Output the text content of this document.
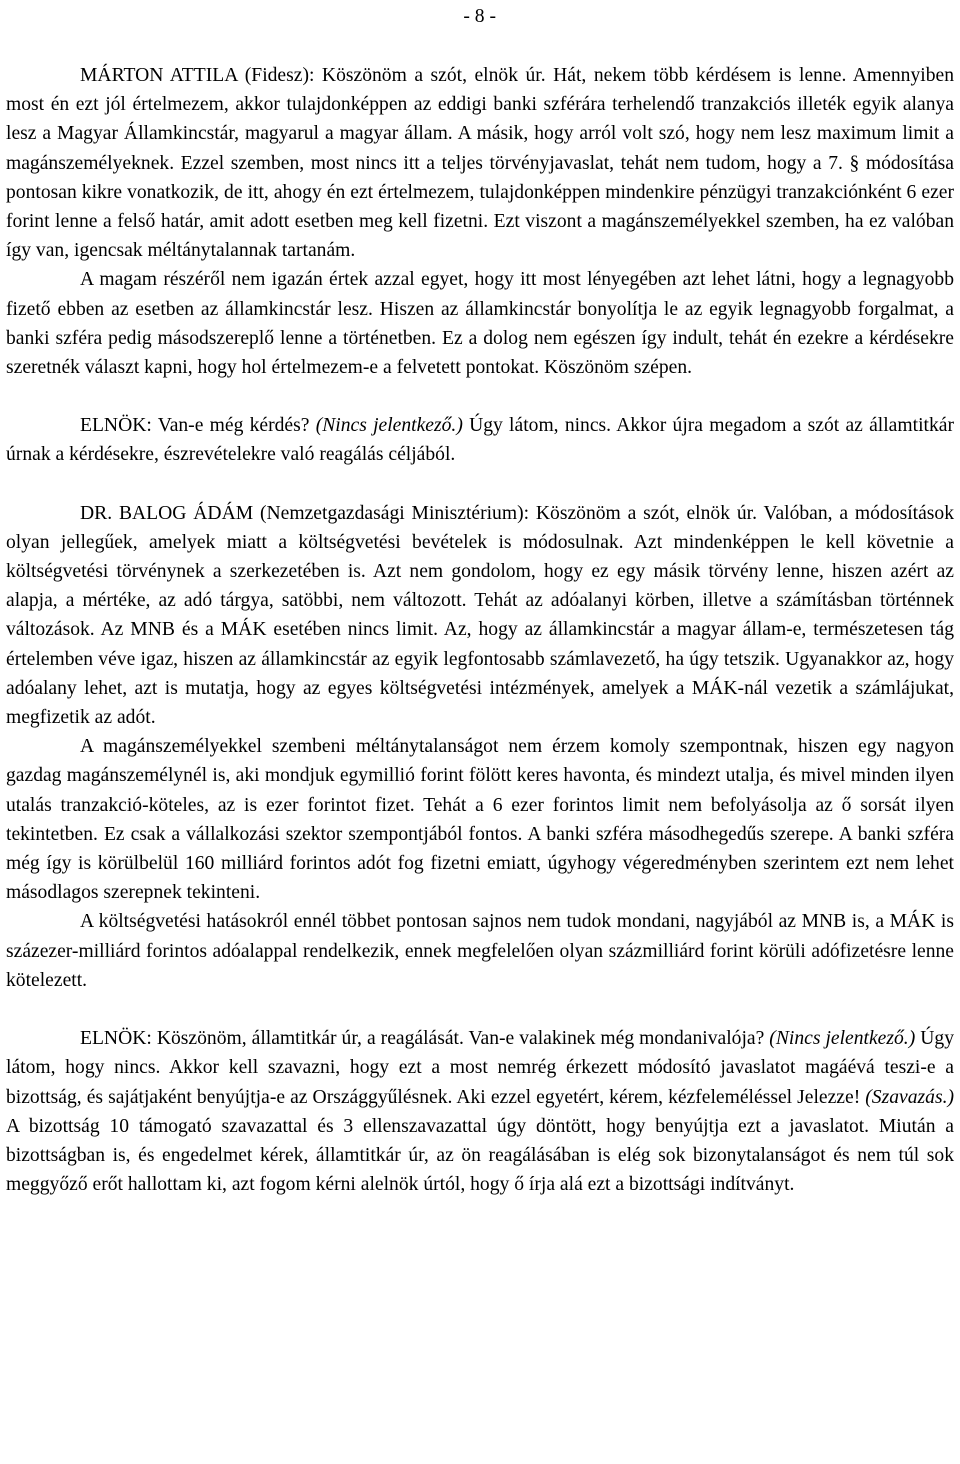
- 8 -

MÁRTON ATTILA (Fidesz): Köszönöm a szót, elnök úr. Hát, nekem több kérdésem is lenne. Amennyiben most én ezt jól értelmezem, akkor tulajdonképpen az eddigi banki szférára terhelendő tranzakciós illeték egyik alanya lesz a Magyar Államkincstár, magyarul a magyar állam. A másik, hogy arról volt szó, hogy nem lesz maximum limit a magánszemélyeknek. Ezzel szemben, most nincs itt a teljes törvényjavaslat, tehát nem tudom, hogy a 7. § módosítása pontosan kikre vonatkozik, de itt, ahogy én ezt értelmezem, tulajdonképpen mindenkire pénzügyi tranzakciónként 6 ezer forint lenne a felső határ, amit adott esetben meg kell fizetni. Ezt viszont a magánszemélyekkel szemben, ha ez valóban így van, igencsak méltánytalannak tartanám.

A magam részéről nem igazán értek azzal egyet, hogy itt most lényegében azt lehet látni, hogy a legnagyobb fizető ebben az esetben az államkincstár lesz. Hiszen az államkincstár bonyolítja le az egyik legnagyobb forgalmat, a banki szféra pedig másodszereplő lenne a történetben. Ez a dolog nem egészen így indult, tehát én ezekre a kérdésekre szeretnék választ kapni, hogy hol értelmezem-e a felvetett pontokat. Köszönöm szépen.

ELNÖK: Van-e még kérdés? (Nincs jelentkező.) Úgy látom, nincs. Akkor újra megadom a szót az államtitkár úrnak a kérdésekre, észrevételekre való reagálás céljából.

DR. BALOG ÁDÁM (Nemzetgazdasági Minisztérium): Köszönöm a szót, elnök úr. Valóban, a módosítások olyan jellegűek, amelyek miatt a költségvetési bevételek is módosulnak. Azt mindenképpen le kell követnie a költségvetési törvénynek a szerkezetében is. Azt nem gondolom, hogy ez egy másik törvény lenne, hiszen azért az alapja, a mértéke, az adó tárgya, satöbbi, nem változott. Tehát az adóalanyi körben, illetve a számításban történnek változások. Az MNB és a MÁK esetében nincs limit. Az, hogy az államkincstár a magyar állam-e, természetesen tág értelemben véve igaz, hiszen az államkincstár az egyik legfontosabb számlavezető, ha úgy tetszik. Ugyanakkor az, hogy adóalany lehet, azt is mutatja, hogy az egyes költségvetési intézmények, amelyek a MÁK-nál vezetik a számlájukat, megfizetik az adót.

A magánszemélyekkel szembeni méltánytalanságot nem érzem komoly szempontnak, hiszen egy nagyon gazdag magánszemélynél is, aki mondjuk egymillió forint fölött keres havonta, és mindezt utalja, és mivel minden ilyen utalás tranzakció-köteles, az is ezer forintot fizet. Tehát a 6 ezer forintos limit nem befolyásolja az ő sorsát ilyen tekintetben. Ez csak a vállalkozási szektor szempontjából fontos. A banki szféra másodhegedűs szerepe. A banki szféra még így is körülbelül 160 milliárd forintos adót fog fizetni emiatt, úgyhogy végeredményben szerintem ezt nem lehet másodlagos szerepnek tekinteni.

A költségvetési hatásokról ennél többet pontosan sajnos nem tudok mondani, nagyjából az MNB is, a MÁK is százezer-milliárd forintos adóalappal rendelkezik, ennek megfelelően olyan százmilliárd forint körüli adófizetésre lenne kötelezett.

ELNÖK: Köszönöm, államtitkár úr, a reagálását. Van-e valakinek még mondanivalója? (Nincs jelentkező.) Úgy látom, hogy nincs. Akkor kell szavazni, hogy ezt a most nemrég érkezett módosító javaslatot magáévá teszi-e a bizottság, és sajátjaként benyújtja-e az Országgyűlésnek. Aki ezzel egyetért, kérem, kézfeleméléssel Jelezze! (Szavazás.) A bizottság 10 támogató szavazattal és 3 ellenszavazattal úgy döntött, hogy benyújtja ezt a javaslatot. Miután a bizottságban is, és engedelmet kérek, államtitkár úr, az ön reagálásában is elég sok bizonytalanságot és nem túl sok meggyőző erőt hallottam ki, azt fogom kérni alelnök úrtól, hogy ő írja alá ezt a bizottsági indítványt.
